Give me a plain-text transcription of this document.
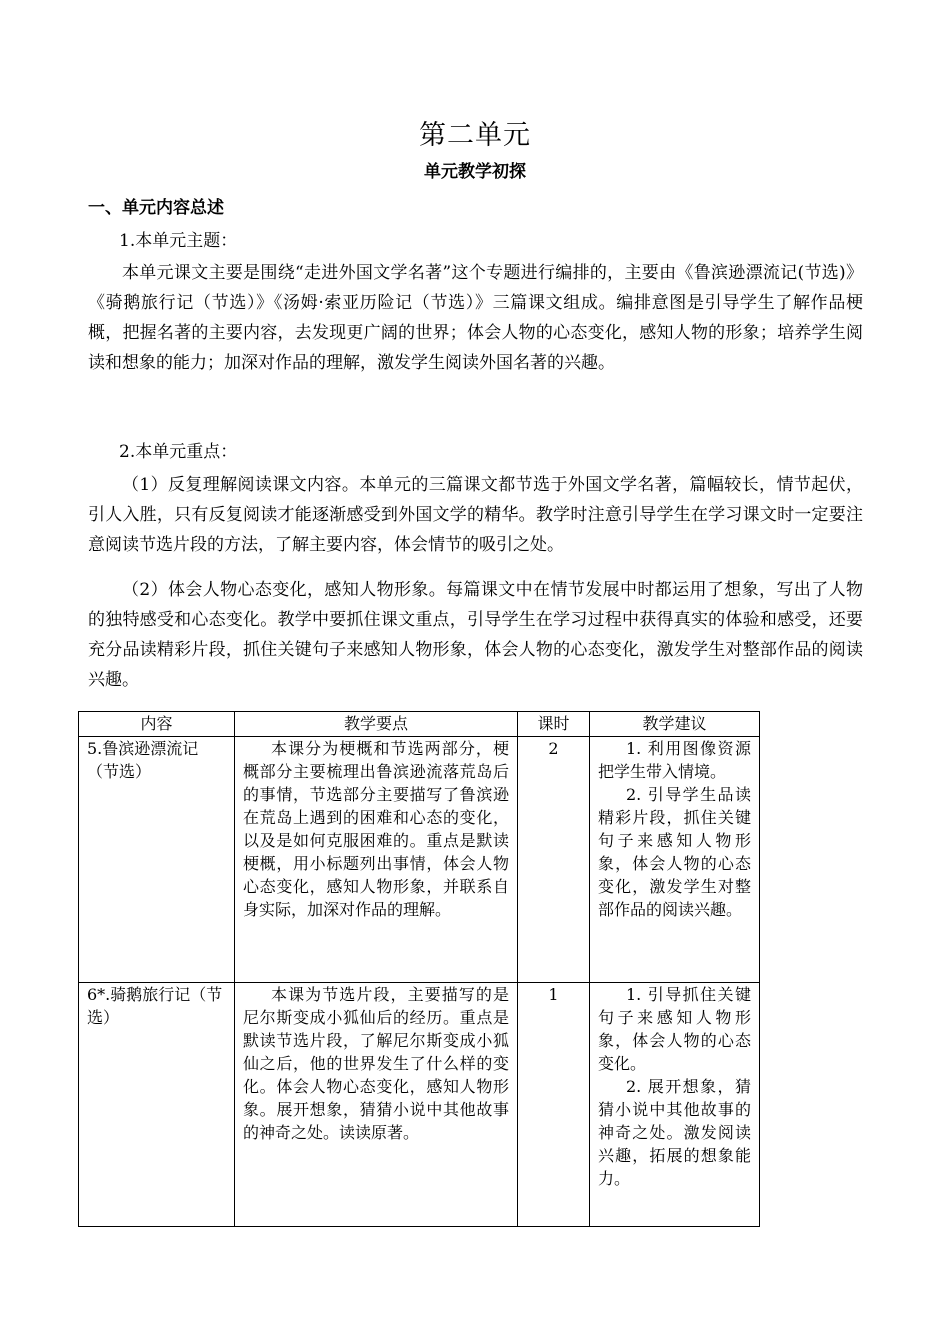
第二单元
单元教学初探
一、单元内容总述
1.本单元主题：
本单元课文主要是围绕“走进外国文学名著”这个专题进行编排的，主要由《鲁滨逊漂流记(节选)》《骑鹅旅行记（节选）》《汤姆·索亚历险记（节选）》三篇课文组成。编排意图是引导学生了解作品梗概，把握名著的主要内容，去发现更广阔的世界；体会人物的心态变化，感知人物的形象；培养学生阅读和想象的能力；加深对作品的理解，激发学生阅读外国名著的兴趣。
2.本单元重点：
（1）反复理解阅读课文内容。本单元的三篇课文都节选于外国文学名著，篇幅较长，情节起伏，引人入胜，只有反复阅读才能逐渐感受到外国文学的精华。教学时注意引导学生在学习课文时一定要注意阅读节选片段的方法，了解主要内容，体会情节的吸引之处。
（2）体会人物心态变化，感知人物形象。每篇课文中在情节发展中时都运用了想象，写出了人物的独特感受和心态变化。教学中要抓住课文重点，引导学生在学习过程中获得真实的体验和感受，还要充分品读精彩片段，抓住关键句子来感知人物形象，体会人物的心态变化，激发学生对整部作品的阅读兴趣。
内容	教学要点	课时	教学建议
5.鲁滨逊漂流记（节选）	本课分为梗概和节选两部分，梗概部分主要梳理出鲁滨逊流落荒岛后的事情，节选部分主要描写了鲁滨逊在荒岛上遇到的困难和心态的变化，以及是如何克服困难的。重点是默读梗概，用小标题列出事情，体会人物心态变化，感知人物形象，并联系自身实际，加深对作品的理解。	2	1. 利用图像资源把学生带入情境。
2. 引导学生品读精彩片段，抓住关键句子来感知人物形象，体会人物的心态变化，激发学生对整部作品的阅读兴趣。

6*.骑鹅旅行记（节选）	本课为节选片段，主要描写的是尼尔斯变成小狐仙后的经历。重点是　默读节选片段，了解尼尔斯变成小狐仙之后，他的世界发生了什么样的变化。体会人物心态变化，感知人物形象。展开想象，猜猜小说中其他故事的神奇之处。读读原著。	1	1. 引导抓住关键句子来感知人物形象，体会人物的心态变化。
2. 展开想象，猜猜小说中其他故事的神奇之处。激发阅读兴趣，拓展的想象能力。
